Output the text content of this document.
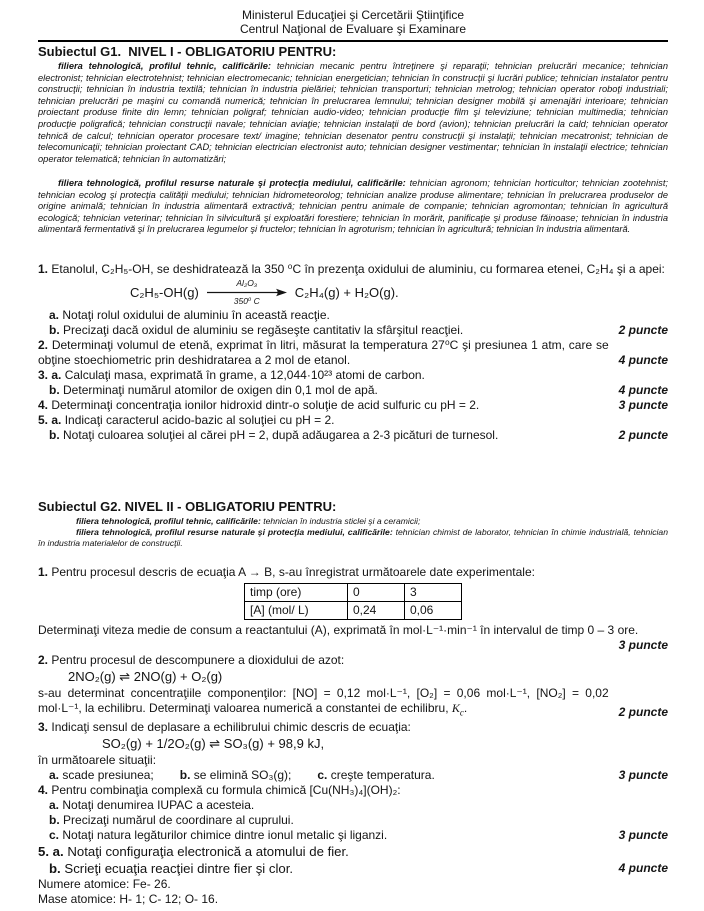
Ministerul Educaţiei şi Cercetării Ştiinţifice
Centrul Naţional de Evaluare şi Examinare
Subiectul G1.  NIVEL I - OBLIGATORIU PENTRU:

filiera tehnologică, profilul tehnic, calificările: tehnician mecanic pentru întreţinere şi reparaţii; tehnician prelucrări mecanice; tehnician electronist; tehnician electrotehnist; tehnician electromecanic; tehnician energetician; tehnician în construcţii şi lucrări publice; tehnician instalator pentru construcţii; tehnician în industria textilă; tehnician în industria pielăriei; tehnician transporturi; tehnician metrolog; tehnician operator roboţi industriali; tehnician prelucrări pe maşini cu comandă numerică; tehnician în prelucrarea lemnului; tehnician designer mobilă şi amenajări interioare; tehnician proiectant produse finite din lemn; tehnician poligraf; tehnician audio-video; tehnician producţie film şi televiziune; tehnician multimedia; tehnician producţie poligrafică; tehnician construcţii navale; tehnician aviaţie; tehnician instalaţii de bord (avion); tehnician prelucrări la cald; tehnician operator tehnică de calcul; tehnician operator procesare text/ imagine; tehnician desenator pentru construcţii şi instalaţii; tehnician mecatronist; tehnician de telecomunicaţii; tehnician proiectant CAD; tehnician electrician electronist auto; tehnician designer vestimentar; tehnician în instalaţii electrice; tehnician operator telematică; tehnician în automatizări;

filiera tehnologică, profilul resurse naturale şi protecţia mediului, calificările: tehnician agronom; tehnician horticultor; tehnician zootehnist; tehnician ecolog şi protecţia calităţii mediului; tehnician hidrometeorolog; tehnician analize produse alimentare; tehnician în prelucrarea produselor de origine animală; tehnician în industria alimentară extractivă; tehnician pentru animale de companie; tehnician agromontan; tehnician în agricultură ecologică; tehnician veterinar; tehnician în silvicultură şi exploatări forestiere; tehnician în morărit, panificaţie şi produse făinoase; tehnician în industria alimentară fermentativă şi în prelucrarea legumelor şi fructelor; tehnician în agroturism; tehnician în agricultură; tehnician în industria alimentară.

1. Etanolul, C₂H₅-OH, se deshidratează la 350 ⁰C în prezenţa oxidului de aluminiu, cu formarea etenei, C₂H₄ şi a apei:
C₂H₅-OH(g)
Al₂O₃
350⁰ C
C₂H₄(g) + H₂O(g).
a. Notaţi rolul oxidului de aluminiu în această reacţie.
b. Precizaţi dacă oxidul de aluminiu se regăseşte cantitativ la sfârşitul reacţiei.	2 puncte
2. Determinaţi volumul de etenă, exprimat în litri, măsurat la temperatura 27⁰C şi presiunea 1 atm, care se obţine stoechiometric prin deshidratarea a 2 mol de etanol.	4 puncte
3. a. Calculaţi masa, exprimată în grame, a 12,044·10²³ atomi de carbon.
b. Determinaţi numărul atomilor de oxigen din 0,1 mol de apă.	4 puncte
4. Determinaţi concentraţia ionilor hidroxid dintr-o soluţie de acid sulfuric cu pH = 2.	3 puncte
5. a. Indicaţi caracterul acido-bazic al soluţiei cu pH = 2.
b. Notaţi culoarea soluţiei al cărei pH = 2, după adăugarea a 2-3 picături de turnesol.	2 puncte
Subiectul G2. NIVEL II - OBLIGATORIU PENTRU:

filiera tehnologică, profilul tehnic, calificările: tehnician în industria sticlei şi a ceramicii;

filiera tehnologică, profilul resurse naturale şi protecţia mediului, calificările: tehnician chimist de laborator, tehnician în chimie industrială, tehnician în industria materialelor de construcţii.

1. Pentru procesul descris de ecuaţia A → B, s-au înregistrat următoarele date experimentale:
timp (ore)	0	3
[A] (mol/ L)	0,24	0,06
Determinaţi viteza medie de consum a reactantului (A), exprimată în mol·L⁻¹·min⁻¹ în intervalul de timp 0 – 3 ore.
3 puncte
2. Pentru procesul de descompunere a dioxidului de azot:
2NO₂(g) ⇌ 2NO(g) + O₂(g)
s-au determinat concentraţiile componenţilor: [NO] = 0,12 mol·L⁻¹, [O₂] = 0,06 mol·L⁻¹, [NO₂] = 0,02 mol·L⁻¹, la echilibru. Determinaţi valoarea numerică a constantei de echilibru, $K_c$.	2 puncte
3. Indicaţi sensul de deplasare a echilibrului chimic descris de ecuaţia:
SO₂(g) + 1/2O₂(g) ⇌ SO₃(g) + 98,9 kJ,
în următoarele situaţii:
a. scade presiunea; b. se elimină SO₃(g); c. creşte temperatura.	3 puncte
4. Pentru combinaţia complexă cu formula chimică [Cu(NH₃)₄](OH)₂:
a. Notaţi denumirea IUPAC a acesteia.
b. Precizaţi numărul de coordinare al cuprului.
c. Notaţi natura legăturilor chimice dintre ionul metalic şi liganzi.	3 puncte
5. a. Notaţi configuraţia electronică a atomului de fier.
b. Scrieţi ecuaţia reacţiei dintre fier şi clor.	4 puncte
Numere atomice: Fe- 26.
Mase atomice: H- 1; C- 12; O- 16.
